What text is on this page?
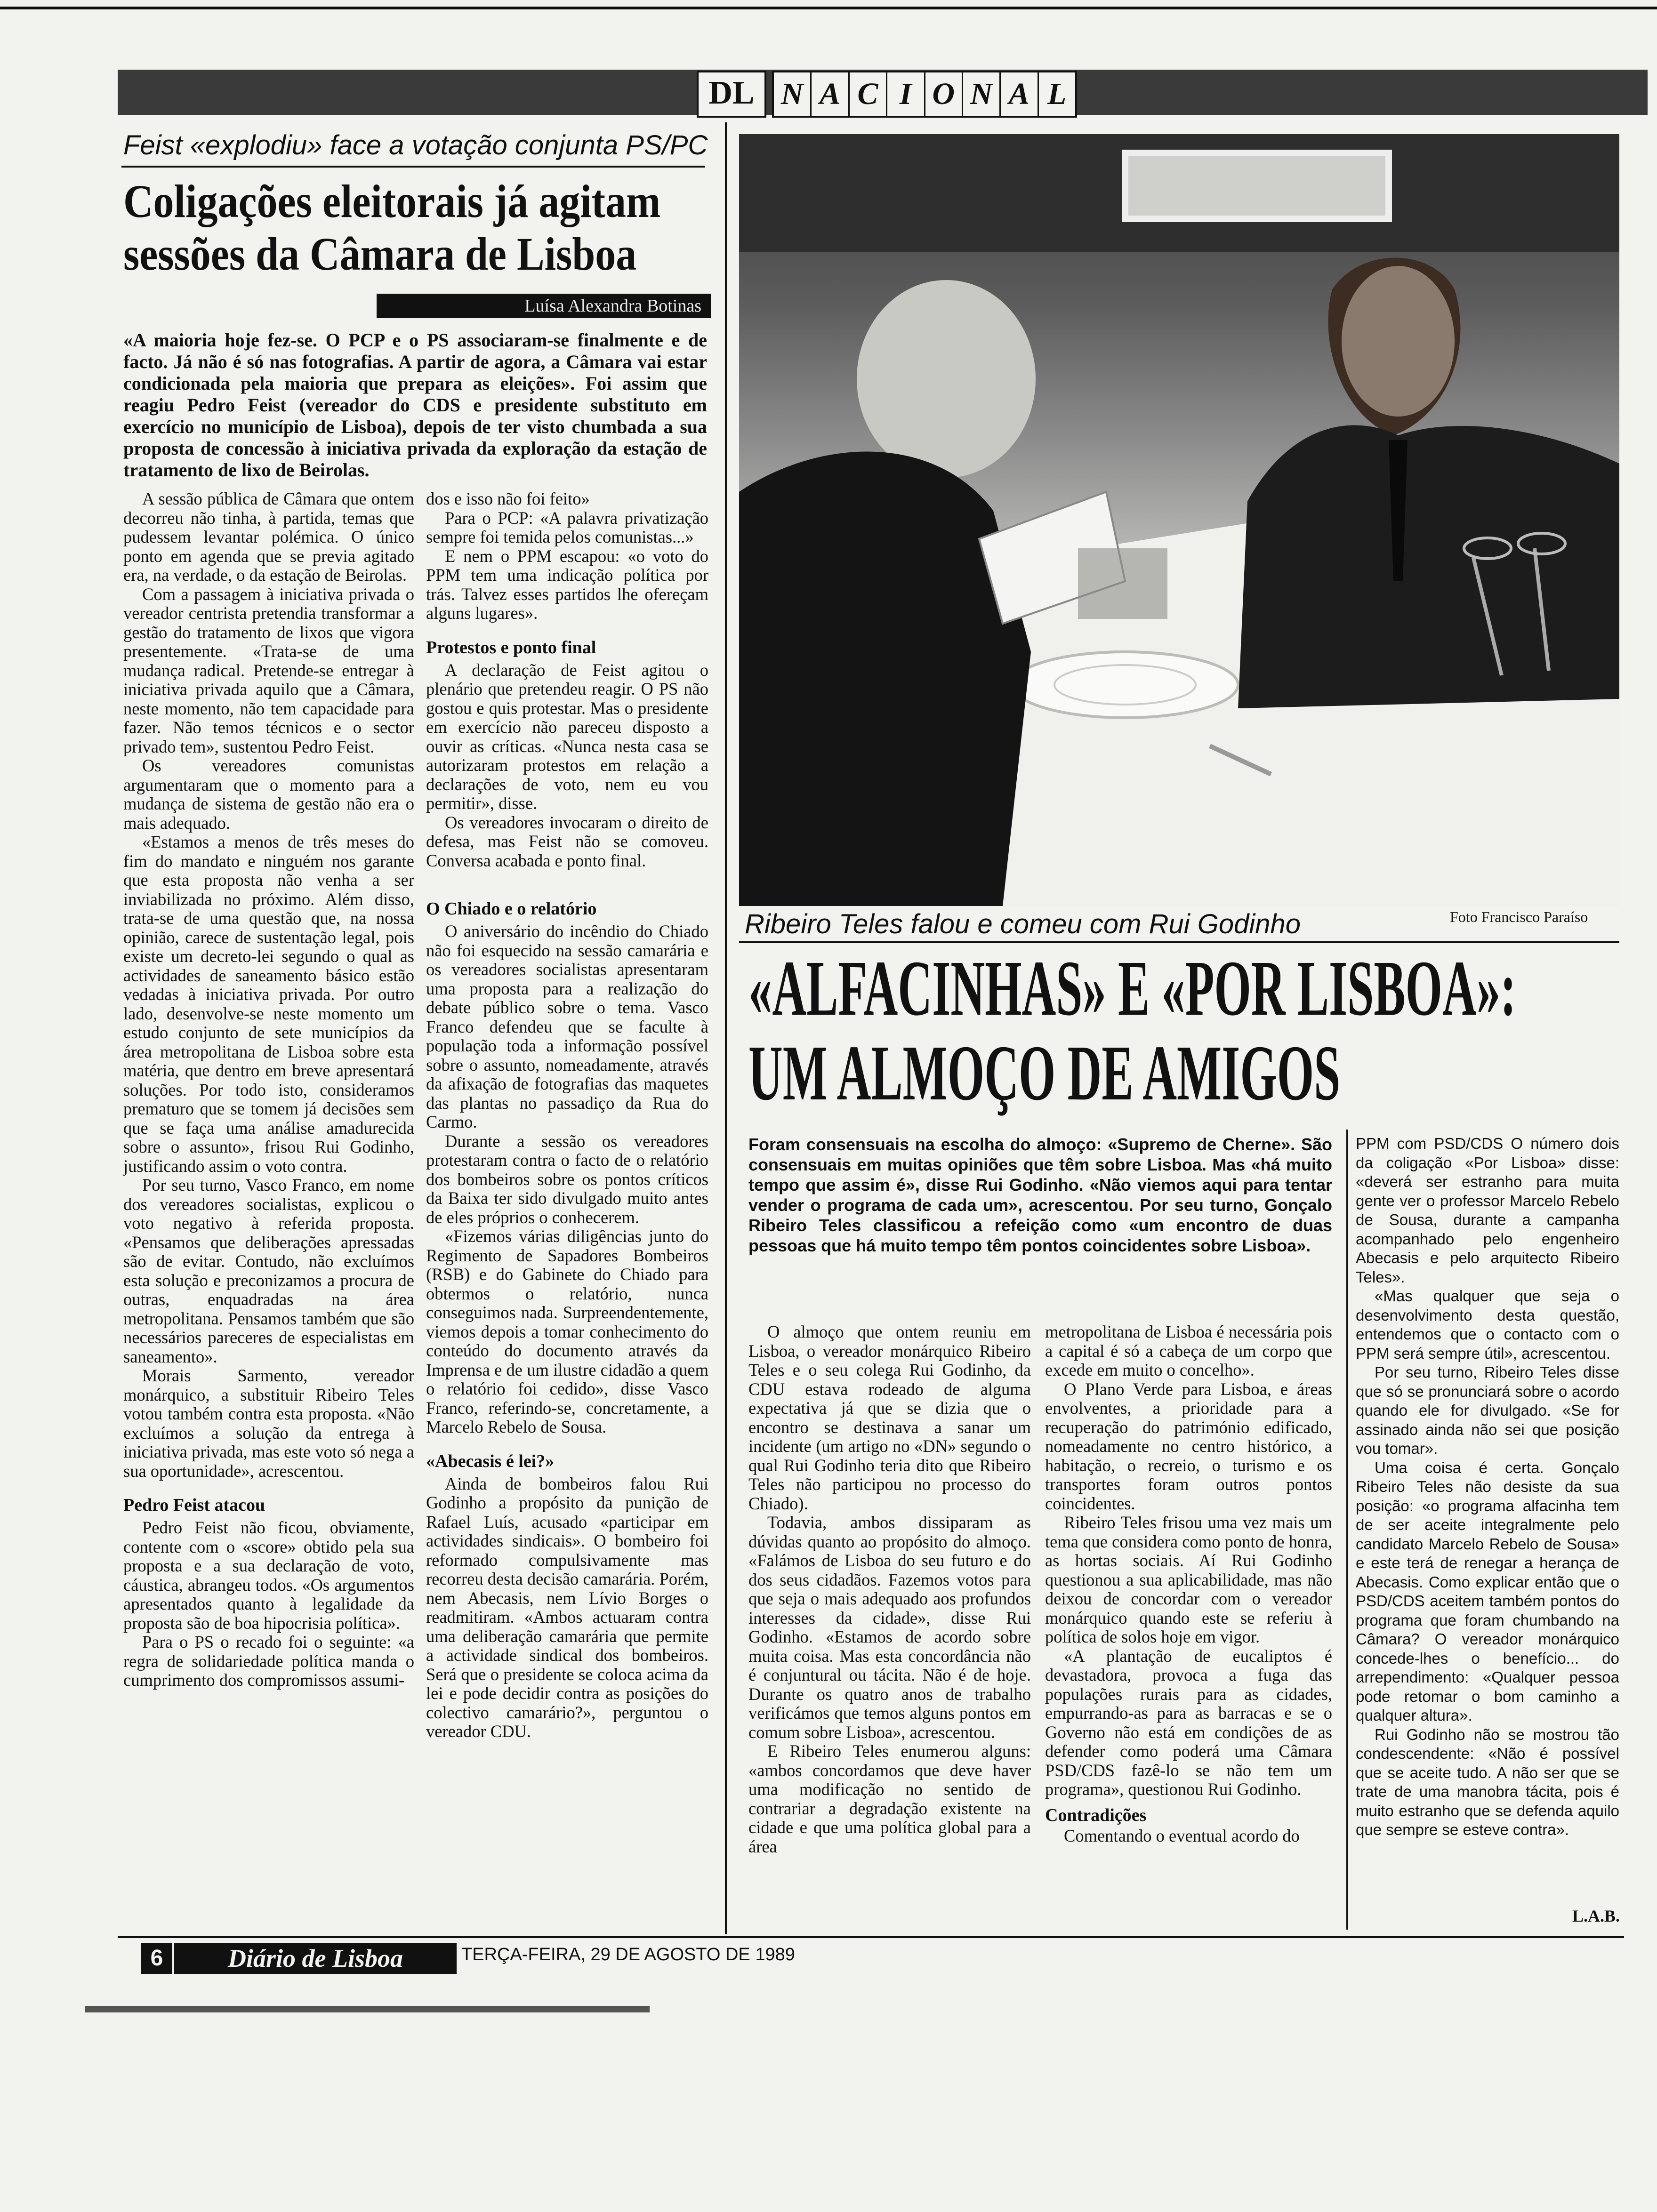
DL N A C I O N A L
Feist «explodiu» face a votação conjunta PS/PC
Coligações eleitorais já agitam
sessões da Câmara de Lisboa
Luísa Alexandra Botinas
«A maioria hoje fez-se. O PCP e o PS associaram-se finalmente e de facto. Já não é só nas fotografias. A partir de agora, a Câmara vai estar condicionada pela maioria que prepara as eleições». Foi assim que reagiu Pedro Feist (vereador do CDS e presidente substituto em exercício no município de Lisboa), depois de ter visto chumbada a sua proposta de concessão à iniciativa privada da exploração da estação de tratamento de lixo de Beirolas.

A sessão pública de Câmara que ontem decorreu não tinha, à partida, temas que pudessem levantar polémica. O único ponto em agenda que se previa agitado era, na verdade, o da estação de Beirolas.

Com a passagem à iniciativa privada o vereador centrista pretendia transformar a gestão do tratamento de lixos que vigora presentemente. «Trata-se de uma mudança radical. Pretende-se entregar à iniciativa privada aquilo que a Câmara, neste momento, não tem capacidade para fazer. Não temos técnicos e o sector privado tem», sustentou Pedro Feist.

Os vereadores comunistas argumentaram que o momento para a mudança de sistema de gestão não era o mais adequado.

«Estamos a menos de três meses do fim do mandato e ninguém nos garante que esta proposta não venha a ser inviabilizada no próximo. Além disso, trata-se de uma questão que, na nossa opinião, carece de sustentação legal, pois existe um decreto-lei segundo o qual as actividades de saneamento básico estão vedadas à iniciativa privada. Por outro lado, desenvolve-se neste momento um estudo conjunto de sete municípios da área metropolitana de Lisboa sobre esta matéria, que dentro em breve apresentará soluções. Por todo isto, consideramos prematuro que se tomem já decisões sem que se faça uma análise amadurecida sobre o assunto», frisou Rui Godinho, justificando assim o voto contra.

Por seu turno, Vasco Franco, em nome dos vereadores socialistas, explicou o voto negativo à referida proposta. «Pensamos que deliberações apressadas são de evitar. Contudo, não excluímos esta solução e preconizamos a procura de outras, enquadradas na área metropolitana. Pensamos também que são necessários pareceres de especialistas em saneamento».

Morais Sarmento, vereador monárquico, a substituir Ribeiro Teles votou também contra esta proposta. «Não excluímos a solução da entrega à iniciativa privada, mas este voto só nega a sua oportunidade», acrescentou.

Pedro Feist atacou

Pedro Feist não ficou, obviamente, contente com o «score» obtido pela sua proposta e a sua declaração de voto, cáustica, abrangeu todos. «Os argumentos apresentados quanto à legalidade da proposta são de boa hipocrisia política».

Para o PS o recado foi o seguinte: «a regra de solidariedade política manda o cumprimento dos compromissos assumi-

dos e isso não foi feito»

Para o PCP: «A palavra privatização sempre foi temida pelos comunistas...»

E nem o PPM escapou: «o voto do PPM tem uma indicação política por trás. Talvez esses partidos lhe ofereçam alguns lugares».

Protestos e ponto final

A declaração de Feist agitou o plenário que pretendeu reagir. O PS não gostou e quis protestar. Mas o presidente em exercício não pareceu disposto a ouvir as críticas. «Nunca nesta casa se autorizaram protestos em relação a declarações de voto, nem eu vou permitir», disse.

Os vereadores invocaram o direito de defesa, mas Feist não se comoveu. Conversa acabada e ponto final.

O Chiado e o relatório

O aniversário do incêndio do Chiado não foi esquecido na sessão camarária e os vereadores socialistas apresentaram uma proposta para a realização do debate público sobre o tema. Vasco Franco defendeu que se faculte à população toda a informação possível sobre o assunto, nomeadamente, através da afixação de fotografias das maquetes das plantas no passadiço da Rua do Carmo.

Durante a sessão os vereadores protestaram contra o facto de o relatório dos bombeiros sobre os pontos críticos da Baixa ter sido divulgado muito antes de eles próprios o conhecerem.

«Fizemos várias diligências junto do Regimento de Sapadores Bombeiros (RSB) e do Gabinete do Chiado para obtermos o relatório, nunca conseguimos nada. Surpreendentemente, viemos depois a tomar conhecimento do conteúdo do documento através da Imprensa e de um ilustre cidadão a quem o relatório foi cedido», disse Vasco Franco, referindo-se, concretamente, a Marcelo Rebelo de Sousa.

«Abecasis é lei?»

Ainda de bombeiros falou Rui Godinho a propósito da punição de Rafael Luís, acusado «participar em actividades sindicais». O bombeiro foi reformado compulsivamente mas recorreu desta decisão camarária. Porém, nem Abecasis, nem Lívio Borges o readmitiram. «Ambos actuaram contra uma deliberação camarária que permite a actividade sindical dos bombeiros. Será que o presidente se coloca acima da lei e pode decidir contra as posições do colectivo camarário?», perguntou o vereador CDU.

Ribeiro Teles falou e comeu com Rui Godinho	Foto Francisco Paraíso
«ALFACINHAS» E «POR LISBOA»:
UM ALMOÇO DE AMIGOS
Foram consensuais na escolha do almoço: «Supremo de Cherne». São consensuais em muitas opiniões que têm sobre Lisboa. Mas «há muito tempo que assim é», disse Rui Godinho. «Não viemos aqui para tentar vender o programa de cada um», acrescentou. Por seu turno, Gonçalo Ribeiro Teles classificou a refeição como «um encontro de duas pessoas que há muito tempo têm pontos coincidentes sobre Lisboa».

PPM com PSD/CDS O número dois da coligação «Por Lisboa» disse: «deverá ser estranho para muita gente ver o professor Marcelo Rebelo de Sousa, durante a campanha acompanhado pelo engenheiro Abecasis e pelo arquitecto Ribeiro Teles».

«Mas qualquer que seja o desenvolvimento desta questão, entendemos que o contacto com o PPM será sempre útil», acrescentou.

Por seu turno, Ribeiro Teles disse que só se pronunciará sobre o acordo quando ele for divulgado. «Se for assinado ainda não sei que posição vou tomar».

Uma coisa é certa. Gonçalo Ribeiro Teles não desiste da sua posição: «o programa alfacinha tem de ser aceite integralmente pelo candidato Marcelo Rebelo de Sousa» e este terá de renegar a herança de Abecasis. Como explicar então que o PSD/CDS aceitem também pontos do programa que foram chumbando na Câmara? O vereador monárquico concede-lhes o benefício... do arrependimento: «Qualquer pessoa pode retomar o bom caminho a qualquer altura».

Rui Godinho não se mostrou tão condescendente: «Não é possível que se aceite tudo. A não ser que se trate de uma manobra tácita, pois é muito estranho que se defenda aquilo que sempre se esteve contra».

L.A.B.

O almoço que ontem reuniu em Lisboa, o vereador monárquico Ribeiro Teles e o seu colega Rui Godinho, da CDU estava rodeado de alguma expectativa já que se dizia que o encontro se destinava a sanar um incidente (um artigo no «DN» segundo o qual Rui Godinho teria dito que Ribeiro Teles não participou no processo do Chiado).

Todavia, ambos dissiparam as dúvidas quanto ao propósito do almoço. «Falámos de Lisboa do seu futuro e do dos seus cidadãos. Fazemos votos para que seja o mais adequado aos profundos interesses da cidade», disse Rui Godinho. «Estamos de acordo sobre muita coisa. Mas esta concordância não é conjuntural ou tácita. Não é de hoje. Durante os quatro anos de trabalho verificámos que temos alguns pontos em comum sobre Lisboa», acrescentou.

E Ribeiro Teles enumerou alguns: «ambos concordamos que deve haver uma modificação no sentido de contrariar a degradação existente na cidade e que uma política global para a área

metropolitana de Lisboa é necessária pois a capital é só a cabeça de um corpo que excede em muito o concelho».

O Plano Verde para Lisboa, e áreas envolventes, a prioridade para a recuperação do património edificado, nomeadamente no centro histórico, a habitação, o recreio, o turismo e os transportes foram outros pontos coincidentes.

Ribeiro Teles frisou uma vez mais um tema que considera como ponto de honra, as hortas sociais. Aí Rui Godinho questionou a sua aplicabilidade, mas não deixou de concordar com o vereador monárquico quando este se referiu à política de solos hoje em vigor.

«A plantação de eucaliptos é devastadora, provoca a fuga das populações rurais para as cidades, empurrando-as para as barracas e se o Governo não está em condições de as defender como poderá uma Câmara PSD/CDS fazê-lo se não tem um programa», questionou Rui Godinho.

Contradições

Comentando o eventual acordo do

6	Diário de Lisboa	TERÇA-FEIRA, 29 DE AGOSTO DE 1989
